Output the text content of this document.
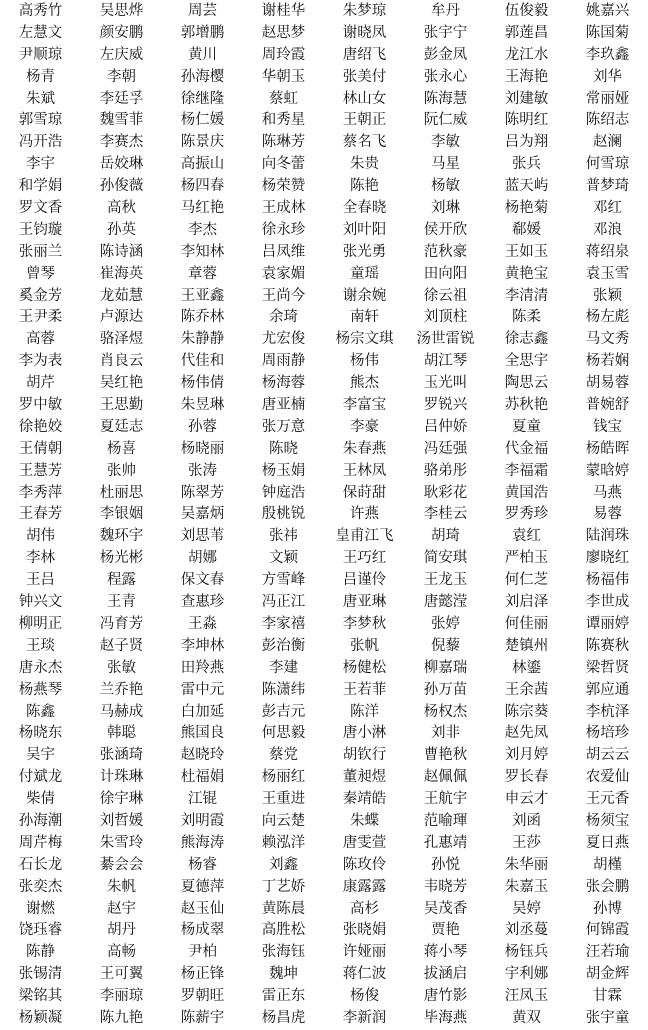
高秀竹	吴思烨	周芸	谢桂华	朱梦琼	牟丹	伍俊毅	姚嘉兴
左慧文	颜安鹏	郭增鹏	赵思梦	谢晓凤	张宇宁	郭莲昌	陈国菊
尹顺琼	左庆威	黄川	周玲霞	唐绍飞	彭金凤	龙江水	李玖鑫
杨青	李朝	孙海樱	华朝玉	张美付	张永心	王海艳	刘华
朱斌	李廷孚	徐继隆	蔡虹	林山女	陈海慧	刘建敏	常丽娅
郭雪琼	魏雪菲	杨仁媛	和秀星	王朝正	阮仁威	陈明红	陈绍志
冯开浩	李赛杰	陈景庆	陈琳芳	蔡名飞	李敏	吕为翔	赵澜
李宇	岳姣琳	高振山	向冬蕾	朱贵	马星	张兵	何雪琼
和学娟	孙俊薇	杨四春	杨荣赞	陈艳	杨敏	蓝天屿	普梦琦
罗文香	高秋	马红艳	王成林	全春晓	刘琳	杨艳菊	邓红
王钧璇	孙英	李杰	徐永珍	刘叶阳	侯开欣	郗媛	邓浪
张丽兰	陈诗涵	李知林	吕凤维	张光勇	范秋豪	王如玉	蒋绍泉
曾琴	崔海英	章蓉	袁家媚	童瑶	田向阳	黄艳宝	袁玉雪
奚金芳	龙茹慧	王亚鑫	王尚今	谢余婉	徐云祖	李清清	张颖
王尹柔	卢源达	陈乔林	余琦	南轩	刘顶柱	陈柔	杨左彪
高蓉	骆泽煜	朱静静	尤宏俊	杨宗文琪	汤世雷锐	徐志鑫	马文秀
李为表	肖良云	代佳和	周雨静	杨伟	胡江琴	全思宇	杨若娴
胡芹	吴红艳	杨伟倩	杨海蓉	熊杰	玉光叫	陶思云	胡易蓉
罗中敏	王思勤	朱昱琳	唐亚楠	李富宝	罗锐兴	苏秋艳	普婉舒
徐艳姣	夏廷志	孙蓉	张万意	李豪	吕仲娇	夏童	钱宝
王倩朝	杨喜	杨晓丽	陈晓	朱春燕	冯廷强	代金福	杨皓晖
王慧芳	张帅	张涛	杨玉娟	王林凤	骆弟彤	李福霜	蒙晗婷
李秀萍	杜丽思	陈翠芳	钟庭浩	保莳甜	耿彩花	黄国浩	马燕
王春芳	李银姻	吴嘉炳	殷桃锐	许燕	李桂云	罗秀珍	易蓉
胡伟	魏环宇	刘思苇	张祎	皇甫江飞	胡琦	袁红	陆润珠
李林	杨光彬	胡娜	文颖	王巧红	简安琪	严柏玉	廖晓红
王吕	程露	保文春	方雪峰	吕谨伶	王龙玉	何仁芝	杨福伟
钟兴文	王青	查惠珍	冯正江	唐亚琳	唐懿滢	刘启泽	李世成
柳明正	冯育芳	王淼	李家禧	李梦秋	张婷	何佳丽	谭丽婷
王琰	赵子贤	李坤林	彭治衡	张帆	倪藜	楚镇州	陈赛秋
唐永杰	张敏	田羚燕	李建	杨健松	柳嘉瑞	林鎏	梁哲贤
杨燕琴	兰乔艳	雷中元	陈潇纬	王若菲	孙万苗	王余茜	郭应通
陈鑫	马赫成	白加延	彭吉元	陈洋	杨权杰	陈宗葵	李杭泽
杨晓东	韩聪	熊国良	何思毅	唐小淋	刘非	赵先凤	杨培珍
吴宇	张涵琦	赵晓玲	蔡党	胡钦行	曹艳秋	刘月婷	胡云云
付斌龙	计珠琳	杜福娟	杨丽红	董昶煜	赵佩佩	罗长春	农爱仙
柴倩	徐宇琳	江锟	王重进	秦靖皓	王航宇	申云才	王元香
孙海潮	刘哲媛	刘明霞	向云楚	朱蝶	范喻琿	刘函	杨须宝
周芹梅	朱雪玲	熊海涛	赖泓洋	唐雯萱	孔惠靖	王莎	夏日燕
石长龙	綦会会	杨睿	刘鑫	陈玫伶	孙悦	朱华丽	胡槿
张奕杰	朱帆	夏德萍	丁艺娇	康露露	韦晓芳	朱嘉玉	张会鹏
谢燃	赵宇	赵玉仙	黄陈晨	高杉	吴茂香	吴婷	孙博
饶珏睿	胡丹	杨成翠	高胜松	张晓娟	贾艳	刘丞蔓	何锦霞
陈静	高畅	尹柏	张海钰	许娅丽	蒋小琴	杨钰兵	汪若瑜
张锡清	王可翼	杨正锋	魏坤	蒋仁波	拔涵启	宇利娜	胡金辉
梁铭其	李丽琼	罗朝旺	雷正东	杨俊	唐竹影	汪凤玉	甘霖
杨颖凝	陈九艳	陈薪宇	杨昌虎	李新润	毕海燕	黄双	张宇童
